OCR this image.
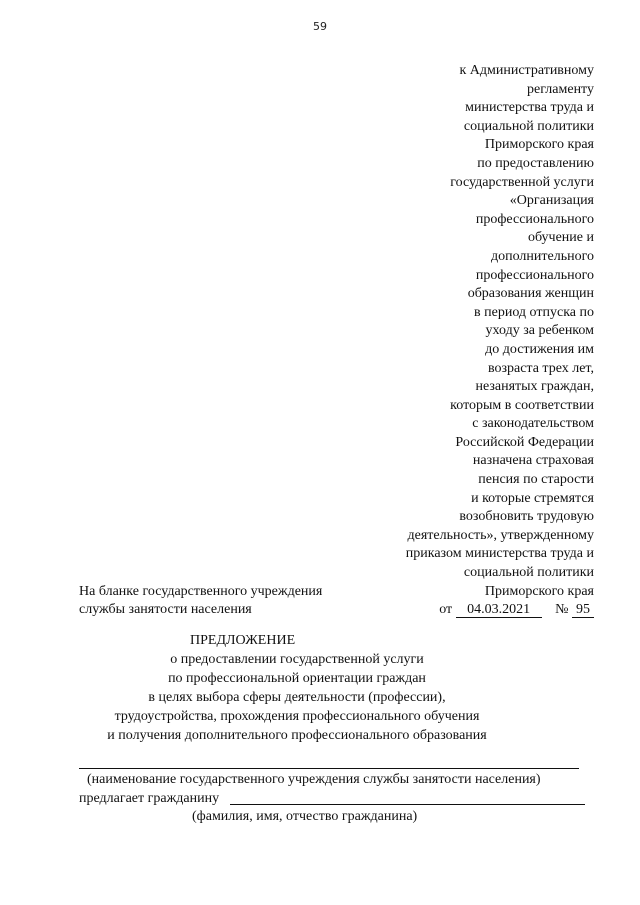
59
к Административному
регламенту
министерства труда и
социальной политики
Приморского края
по предоставлению
государственной услуги
«Организация
профессионального
обучение и
дополнительного
профессионального
образования женщин
в период отпуска по
уходу за ребенком
до достижения им
возраста трех лет,
незанятых граждан,
которым в соответствии
с законодательством
Российской Федерации
назначена страховая
пенсия по старости
и которые стремятся
возобновить трудовую
деятельность», утвержденному
приказом министерства труда и
социальной политики
Приморского края
от 04.03.2021 № 95
На бланке государственного учреждения
службы занятости населения
ПРЕДЛОЖЕНИЕ
о предоставлении государственной услуги
по профессиональной ориентации граждан
в целях выбора сферы деятельности (профессии),
трудоустройства, прохождения профессионального обучения
и получения дополнительного профессионального образования
(наименование государственного учреждения службы занятости населения)
предлагает гражданину
(фамилия, имя, отчество гражданина)
